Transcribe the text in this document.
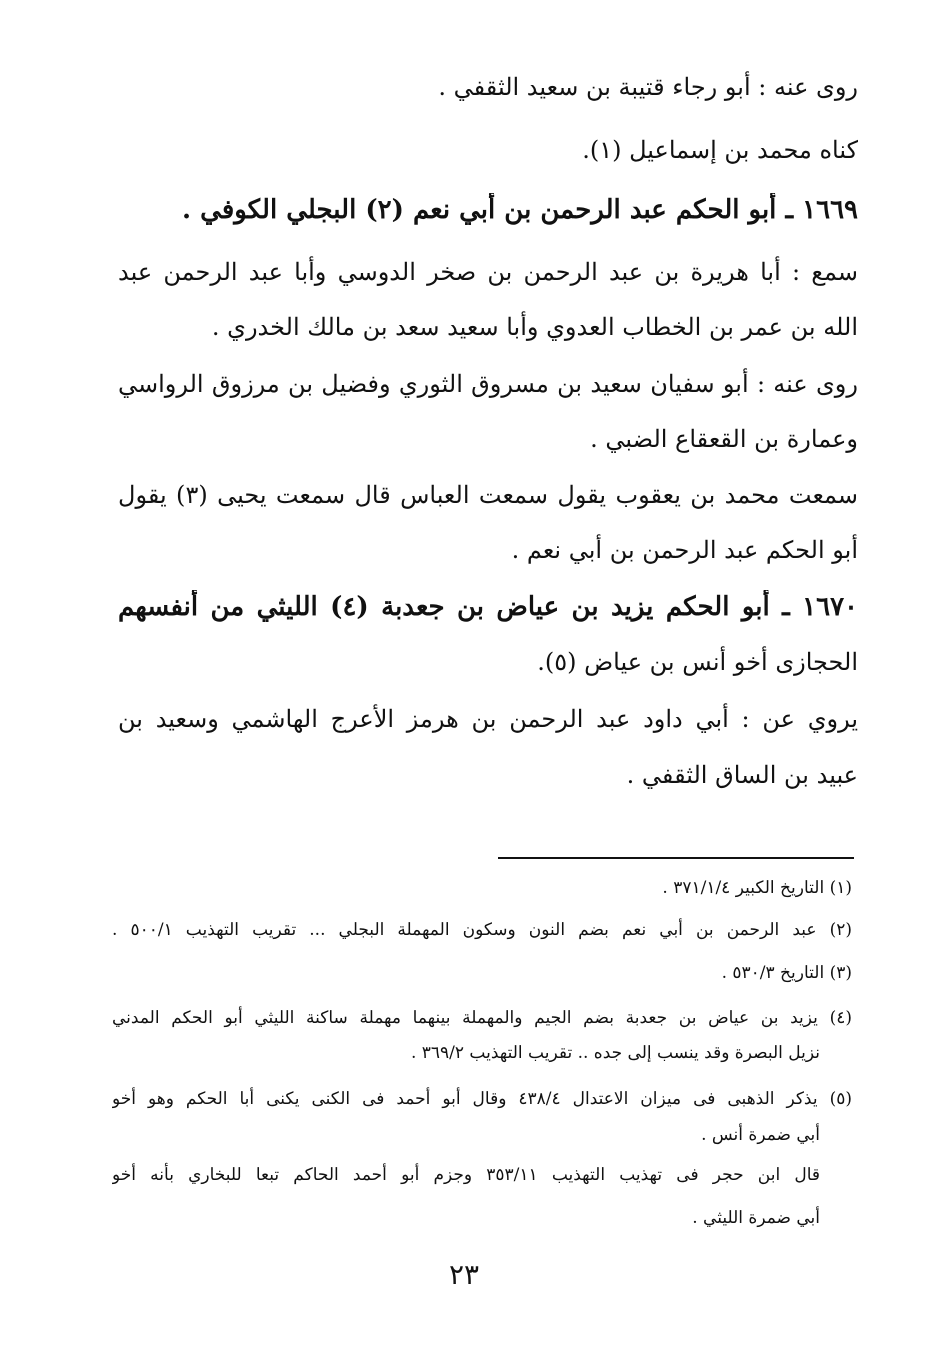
روى عنه : أبو رجاء قتيبة بن سعيد الثقفي .
كناه محمد بن إسماعيل (١).
١٦٦٩ ـ أبو الحكم عبد الرحمن بن أبي نعم (٢) البجلي الكوفي .
سمع : أبا هريرة بن عبد الرحمن بن صخر الدوسي وأبا عبد الرحمن عبد
الله بن عمر بن الخطاب العدوي وأبا سعيد سعد بن مالك الخدري .
روى عنه : أبو سفيان سعيد بن مسروق الثوري وفضيل بن مرزوق الرواسي
وعمارة بن القعقاع الضبي .
سمعت محمد بن يعقوب يقول سمعت العباس قال سمعت يحيى (٣) يقول
أبو الحكم عبد الرحمن بن أبي نعم .
١٦٧٠ ـ أبو الحكم يزيد بن عياض بن جعدبة (٤) الليثي من أنفسهم
الحجازى أخو أنس بن عياض (٥).
يروي عن : أبي داود عبد الرحمن بن هرمز الأعرج الهاشمي وسعيد بن
عبيد بن الساق الثقفي .
(١) التاريخ الكبير ٣٧١/١/٤ .
(٢) عبد الرحمن بن أبي نعم بضم النون وسكون المهملة البجلي ... تقريب التهذيب ٥٠٠/١ .
(٣) التاريخ ٥٣٠/٣ .
(٤) يزيد بن عياض بن جعدبة بضم الجيم والمهملة بينهما مهملة ساكنة الليثي أبو الحكم المدني
نزيل البصرة وقد ينسب إلى جده .. تقريب التهذيب ٣٦٩/٢ .
(٥) يذكر الذهبى فى ميزان الاعتدال ٤٣٨/٤ وقال أبو أحمد فى الكنى يكنى أبا الحكم وهو أخو
أبي ضمرة أنس .
قال ابن حجر فى تهذيب التهذيب ٣٥٣/١١ وجزم أبو أحمد الحاكم تبعا للبخاري بأنه أخو
أبي ضمرة الليثي .
٢٣
